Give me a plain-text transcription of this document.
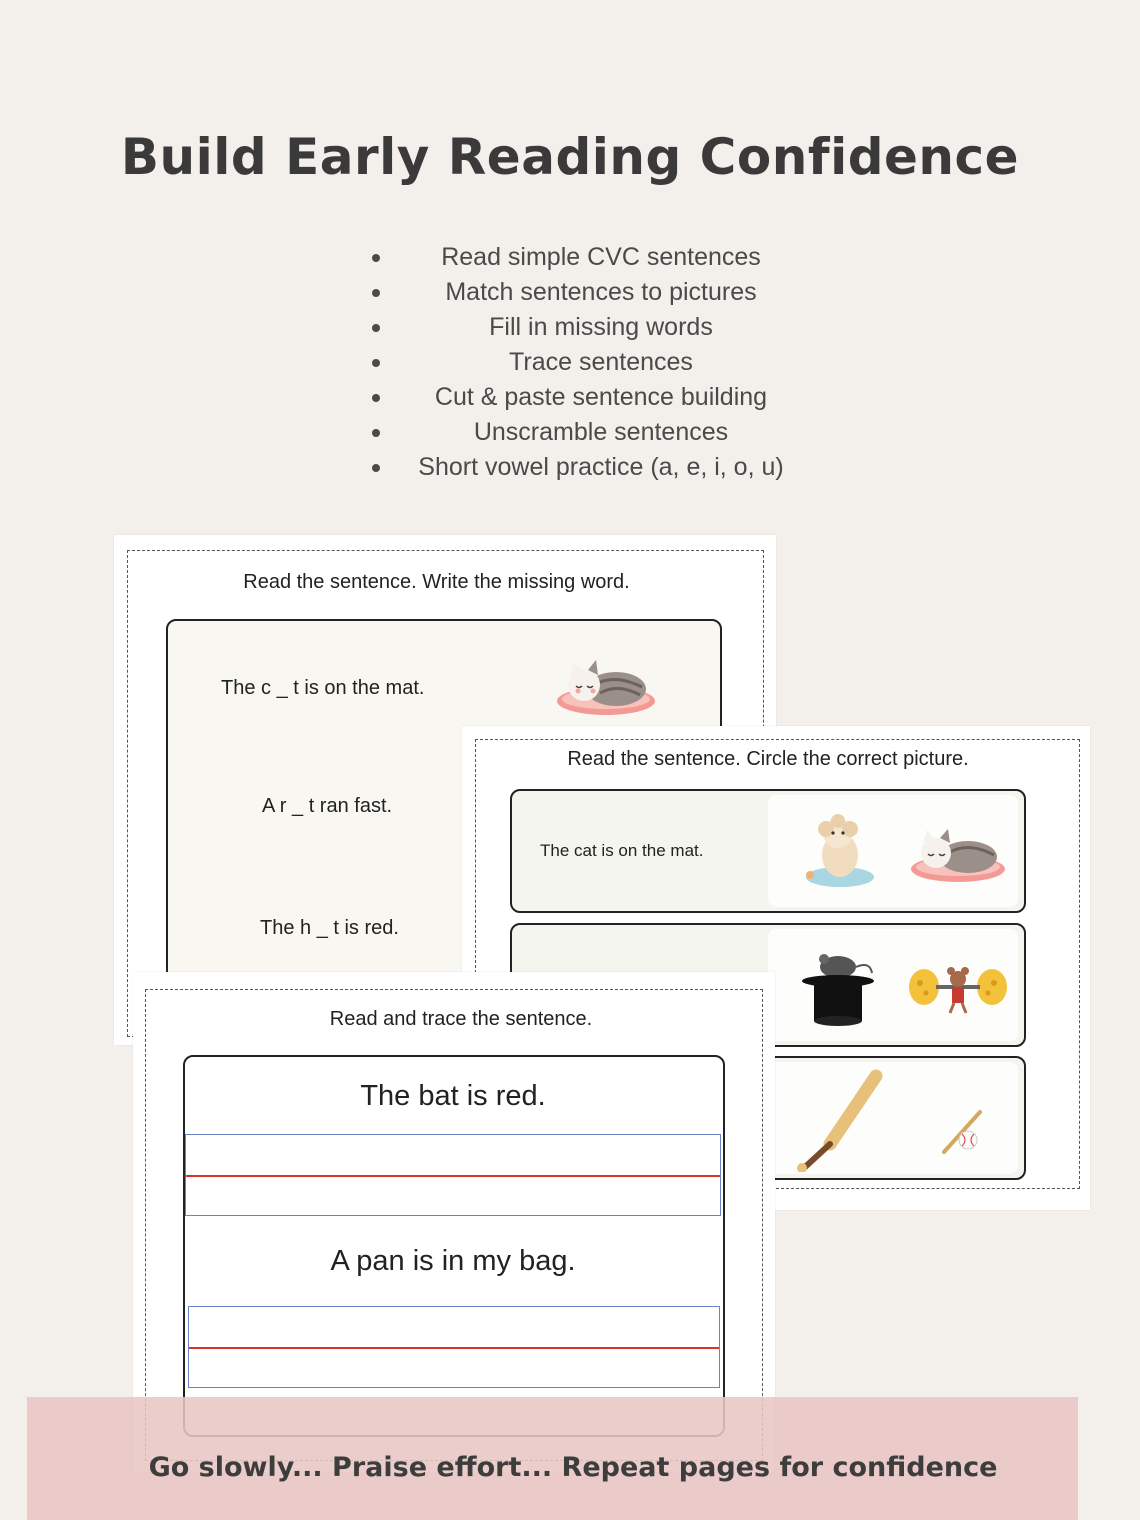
Build Early Reading Confidence
Read simple CVC sentences
Match sentences to pictures
Fill in missing words
Trace sentences
Cut & paste sentence building
Unscramble sentences
Short vowel practice (a, e, i, o, u)
Read the sentence. Write the missing word.
The c _ t is on the mat.
A r _ t ran fast.
The h _ t is red.
Read the sentence. Circle the correct picture.
The cat is on the mat.
Read and trace the sentence.
The bat is red.
A pan is in my bag.
Go slowly... Praise effort... Repeat pages for confidence
